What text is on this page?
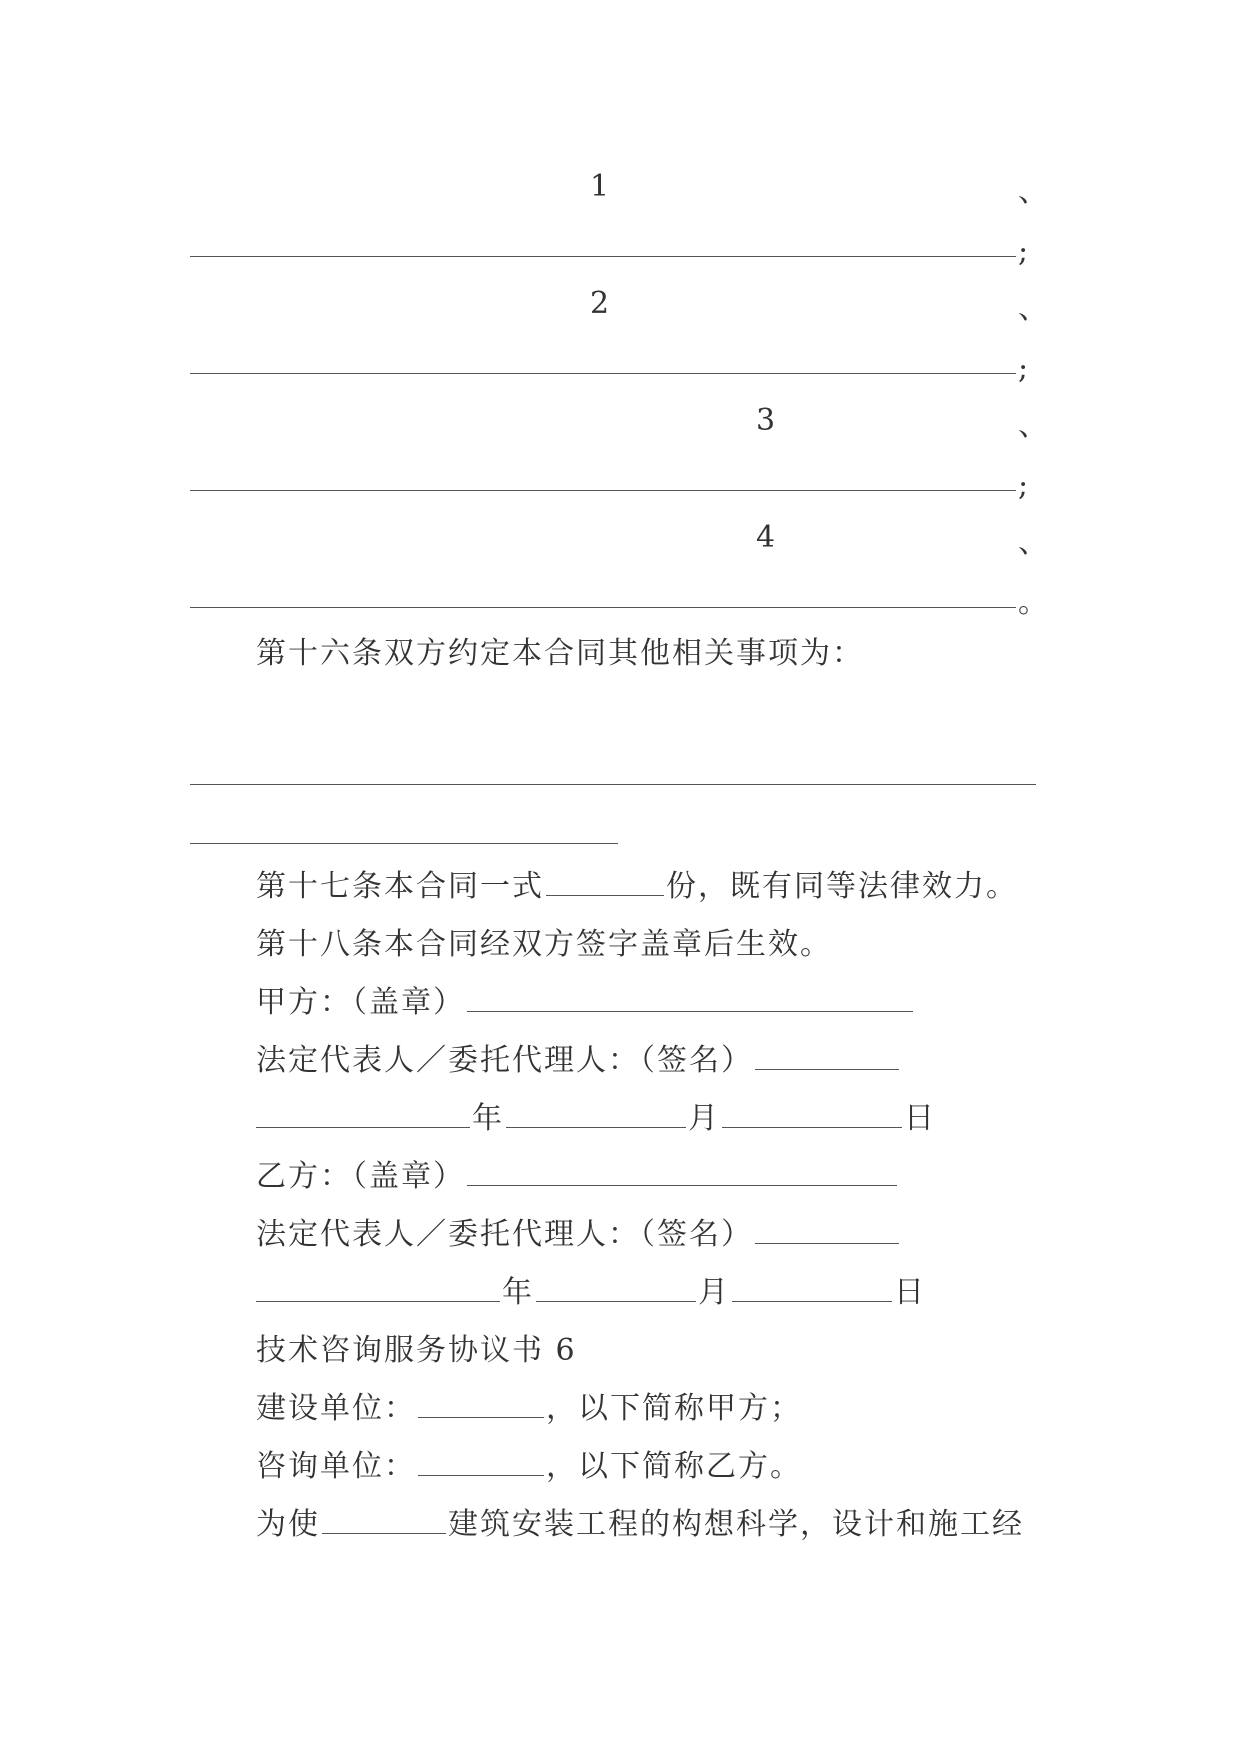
1	、
;
2	、
;
3	、
;
4	、
。
第十六条双方约定本合同其他相关事项为：
第十七条本合同一式	份，既有同等法律效力。
第十八条本合同经双方签字盖章后生效。
甲方：（盖章）
法定代表人／委托代理人：（签名）
年	月	日
乙方：（盖章）
法定代表人／委托代理人：（签名）
年	月	日
技术咨询服务协议书 6
建设单位：	，以下简称甲方；
咨询单位：	，以下简称乙方。
为使	建筑安装工程的构想科学，设计和施工经
